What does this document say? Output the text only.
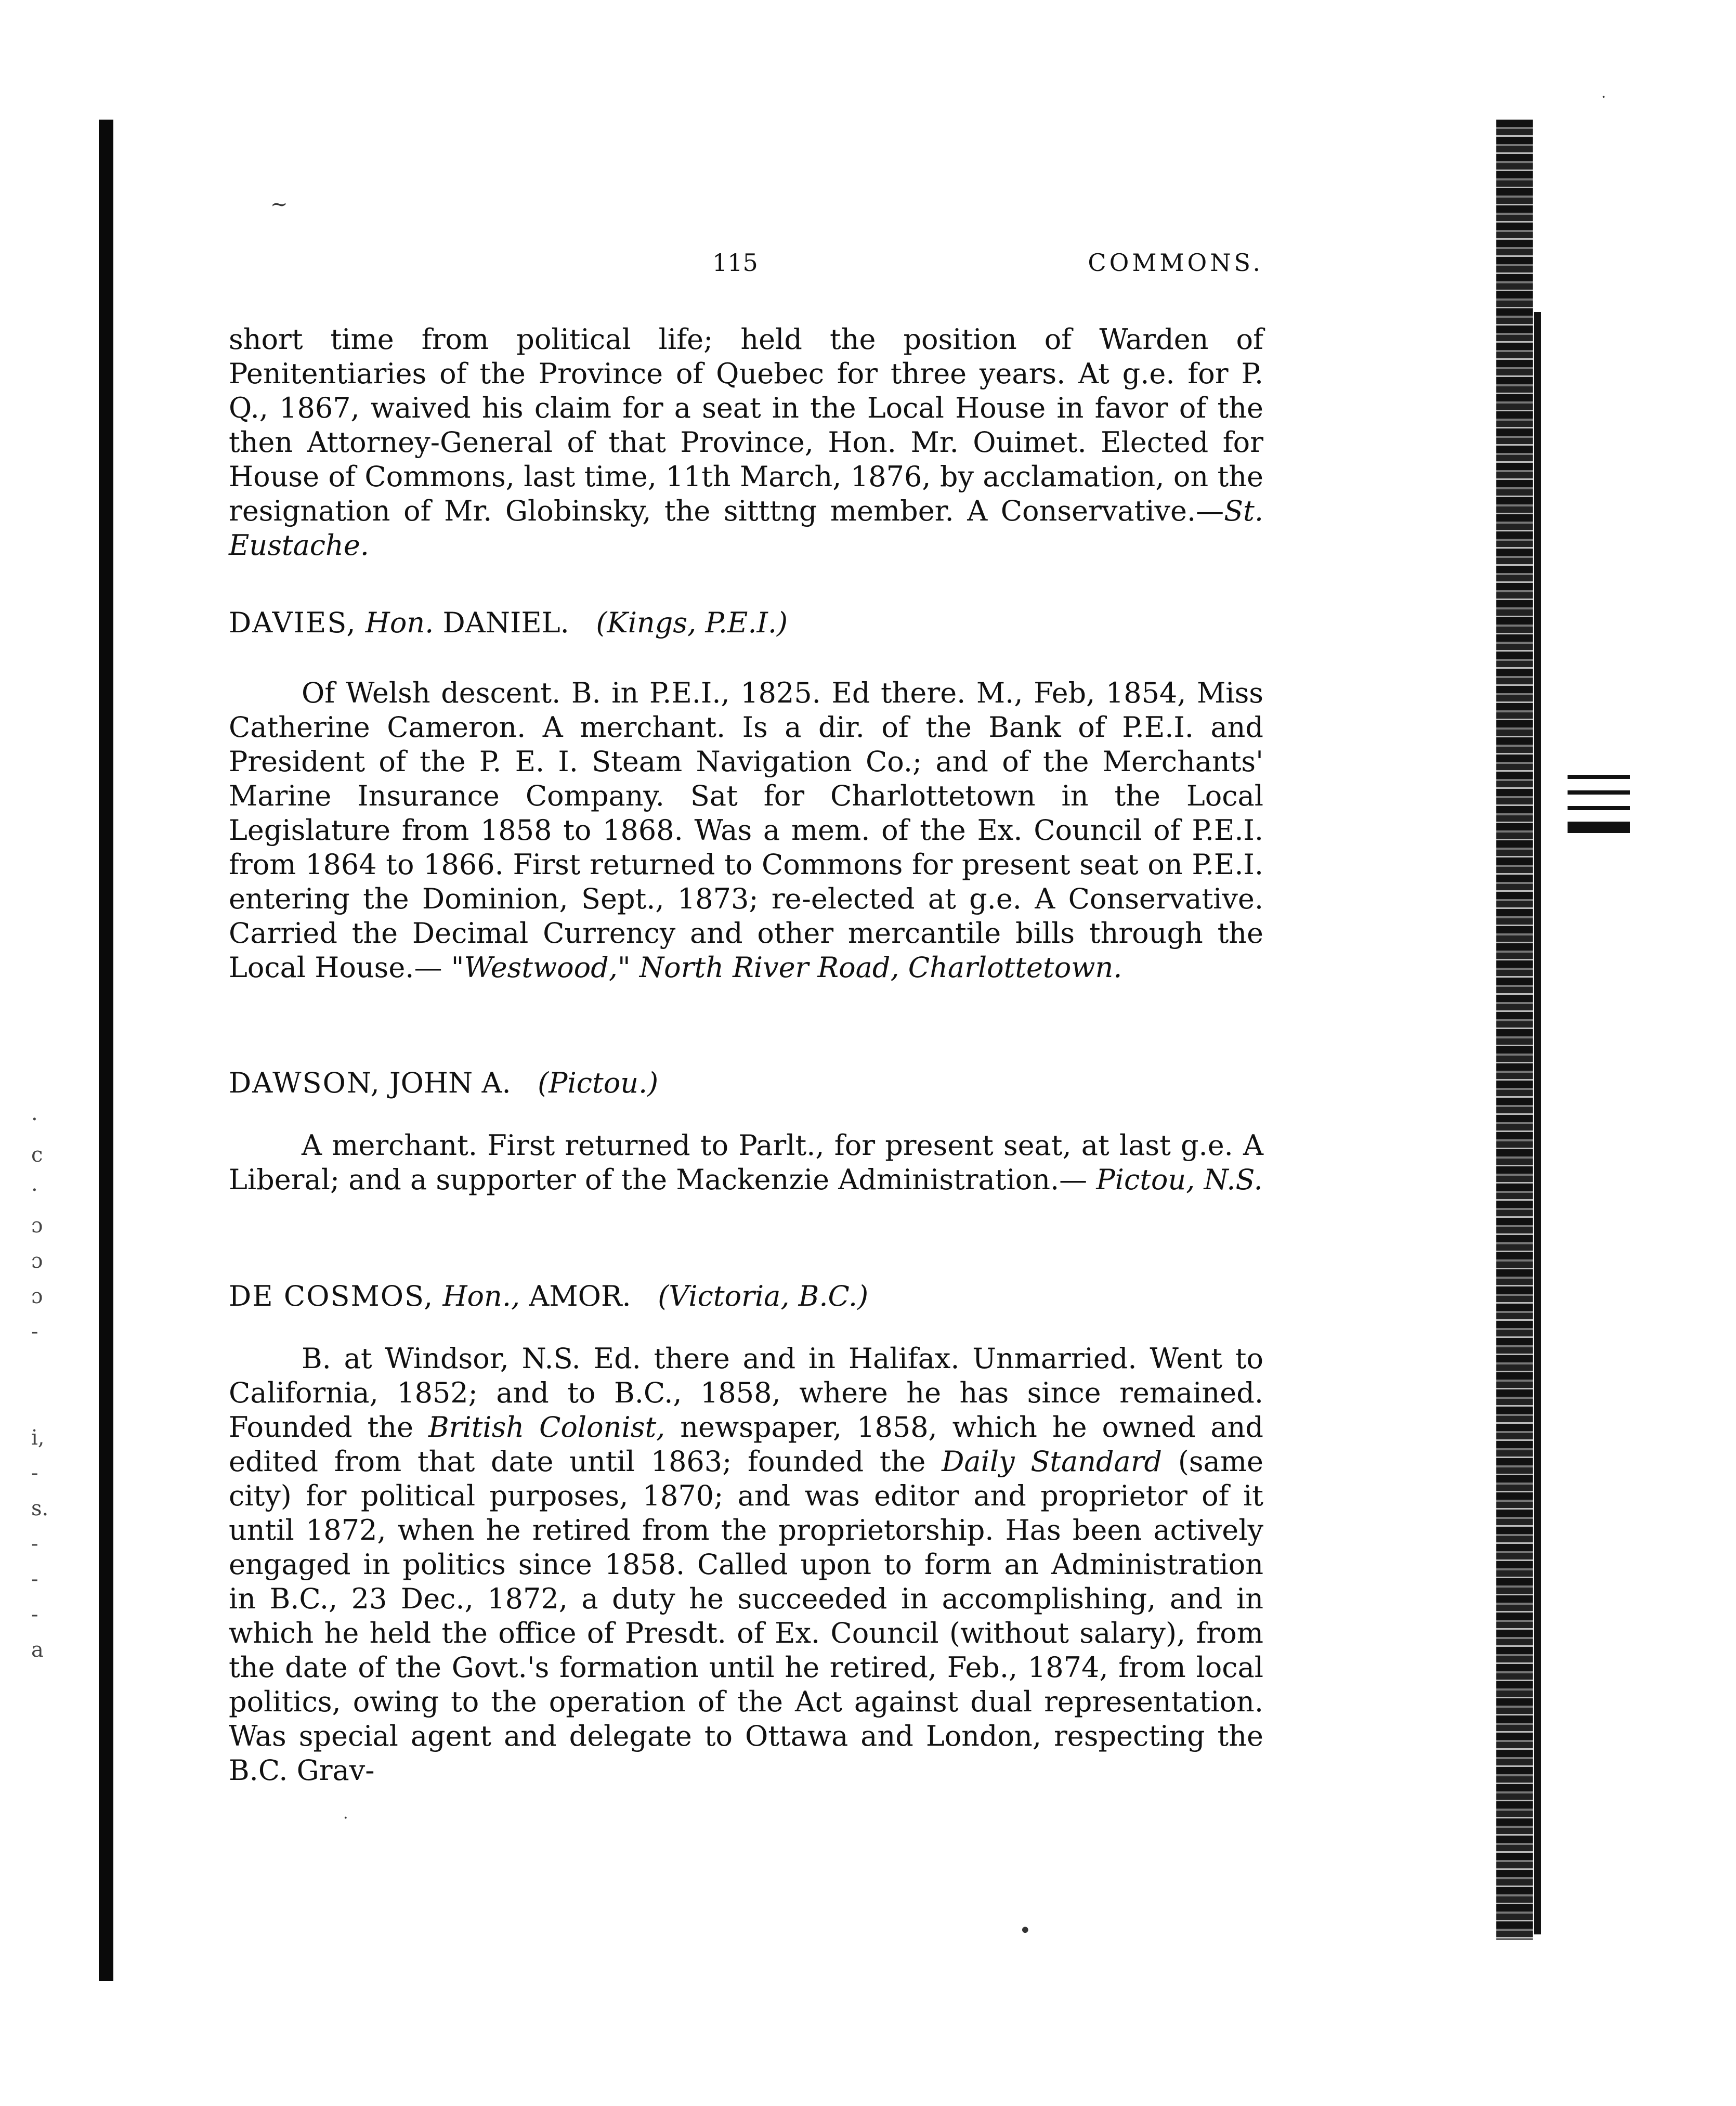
~
·
·
c
·
ɔ
ɔ
ɔ
-
i,
-
s.
-
-
-
a
115	COMMONS.
short time from political life; held the position of Warden of Penitentiaries of the Province of Quebec for three years. At g.e. for P. Q., 1867, waived his claim for a seat in the Local House in favor of the then Attorney-General of that Province, Hon. Mr. Ouimet. Elected for House of Commons, last time, 11th March, 1876, by acclamation, on the resignation of Mr. Globinsky, the sitttng member. A Conservative.—St. Eustache.
DAVIES, Hon. DANIEL. (Kings, P.E.I.)
Of Welsh descent. B. in P.E.I., 1825. Ed there. M., Feb, 1854, Miss Catherine Cameron. A merchant. Is a dir. of the Bank of P.E.I. and President of the P. E. I. Steam Navigation Co.; and of the Merchants' Marine Insurance Company. Sat for Charlottetown in the Local Legislature from 1858 to 1868. Was a mem. of the Ex. Council of P.E.I. from 1864 to 1866. First returned to Commons for present seat on P.E.I. entering the Dominion, Sept., 1873; re-elected at g.e. A Conservative. Carried the Decimal Currency and other mercantile bills through the Local House.— "Westwood," North River Road, Charlottetown.
DAWSON, JOHN A. (Pictou.)
A merchant. First returned to Parlt., for present seat, at last g.e. A Liberal; and a supporter of the Mackenzie Administration.— Pictou, N.S.
DE COSMOS, Hon., AMOR. (Victoria, B.C.)
B. at Windsor, N.S. Ed. there and in Halifax. Unmarried. Went to California, 1852; and to B.C., 1858, where he has since remained. Founded the British Colonist, newspaper, 1858, which he owned and edited from that date until 1863; founded the Daily Standard (same city) for political purposes, 1870; and was editor and proprietor of it until 1872, when he retired from the proprietorship. Has been actively engaged in politics since 1858. Called upon to form an Administration in B.C., 23 Dec., 1872, a duty he succeeded in accomplishing, and in which he held the office of Presdt. of Ex. Council (without salary), from the date of the Govt.'s formation until he retired, Feb., 1874, from local politics, owing to the operation of the Act against dual representation. Was special agent and delegate to Ottawa and London, respecting the B.C. Grav-
.
•
